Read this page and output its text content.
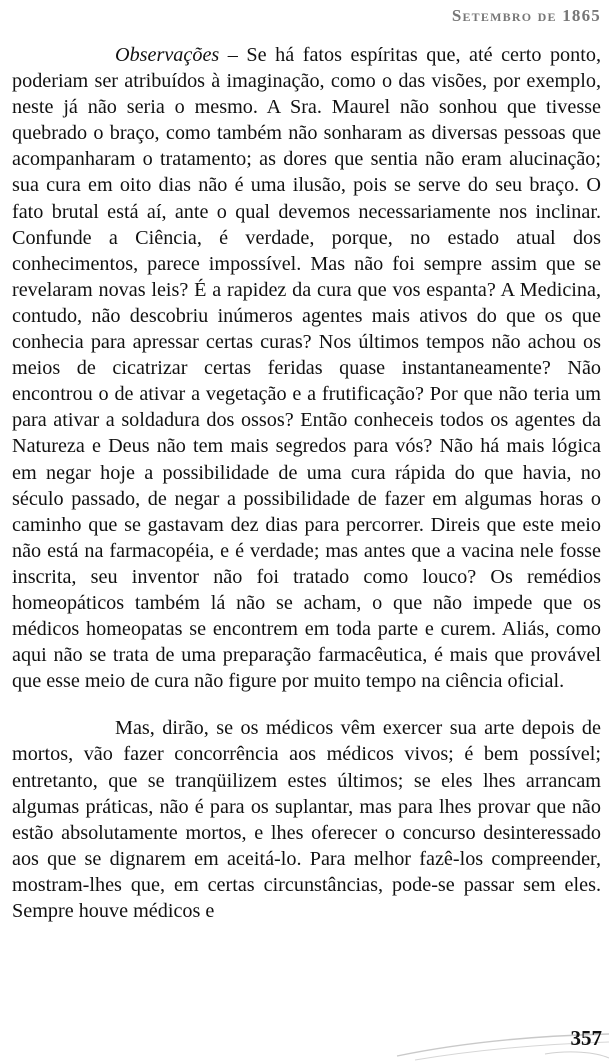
Setembro de 1865

Observações – Se há fatos espíritas que, até certo ponto, poderiam ser atribuídos à imaginação, como o das visões, por exemplo, neste já não seria o mesmo. A Sra. Maurel não sonhou que tivesse quebrado o braço, como também não sonharam as diversas pessoas que acompanharam o tratamento; as dores que sentia não eram alucinação; sua cura em oito dias não é uma ilusão, pois se serve do seu braço. O fato brutal está aí, ante o qual devemos necessariamente nos inclinar. Confunde a Ciência, é verdade, porque, no estado atual dos conhecimentos, parece impossível. Mas não foi sempre assim que se revelaram novas leis? É a rapidez da cura que vos espanta? A Medicina, contudo, não descobriu inúmeros agentes mais ativos do que os que conhecia para apressar certas curas? Nos últimos tempos não achou os meios de cicatrizar certas feridas quase instantaneamente? Não encontrou o de ativar a vegetação e a frutificação? Por que não teria um para ativar a soldadura dos ossos? Então conheceis todos os agentes da Natureza e Deus não tem mais segredos para vós? Não há mais lógica em negar hoje a possibilidade de uma cura rápida do que havia, no século passado, de negar a possibilidade de fazer em algumas horas o caminho que se gastavam dez dias para percorrer. Direis que este meio não está na farmacopéia, e é verdade; mas antes que a vacina nele fosse inscrita, seu inventor não foi tratado como louco? Os remédios homeopáticos também lá não se acham, o que não impede que os médicos homeopatas se encontrem em toda parte e curem. Aliás, como aqui não se trata de uma preparação farmacêutica, é mais que provável que esse meio de cura não figure por muito tempo na ciência oficial.

Mas, dirão, se os médicos vêm exercer sua arte depois de mortos, vão fazer concorrência aos médicos vivos; é bem possível; entretanto, que se tranqüilizem estes últimos; se eles lhes arrancam algumas práticas, não é para os suplantar, mas para lhes provar que não estão absolutamente mortos, e lhes oferecer o concurso desinteressado aos que se dignarem em aceitá-lo. Para melhor fazê-los compreender, mostram-lhes que, em certas circunstâncias, pode-se passar sem eles. Sempre houve médicos e

357
